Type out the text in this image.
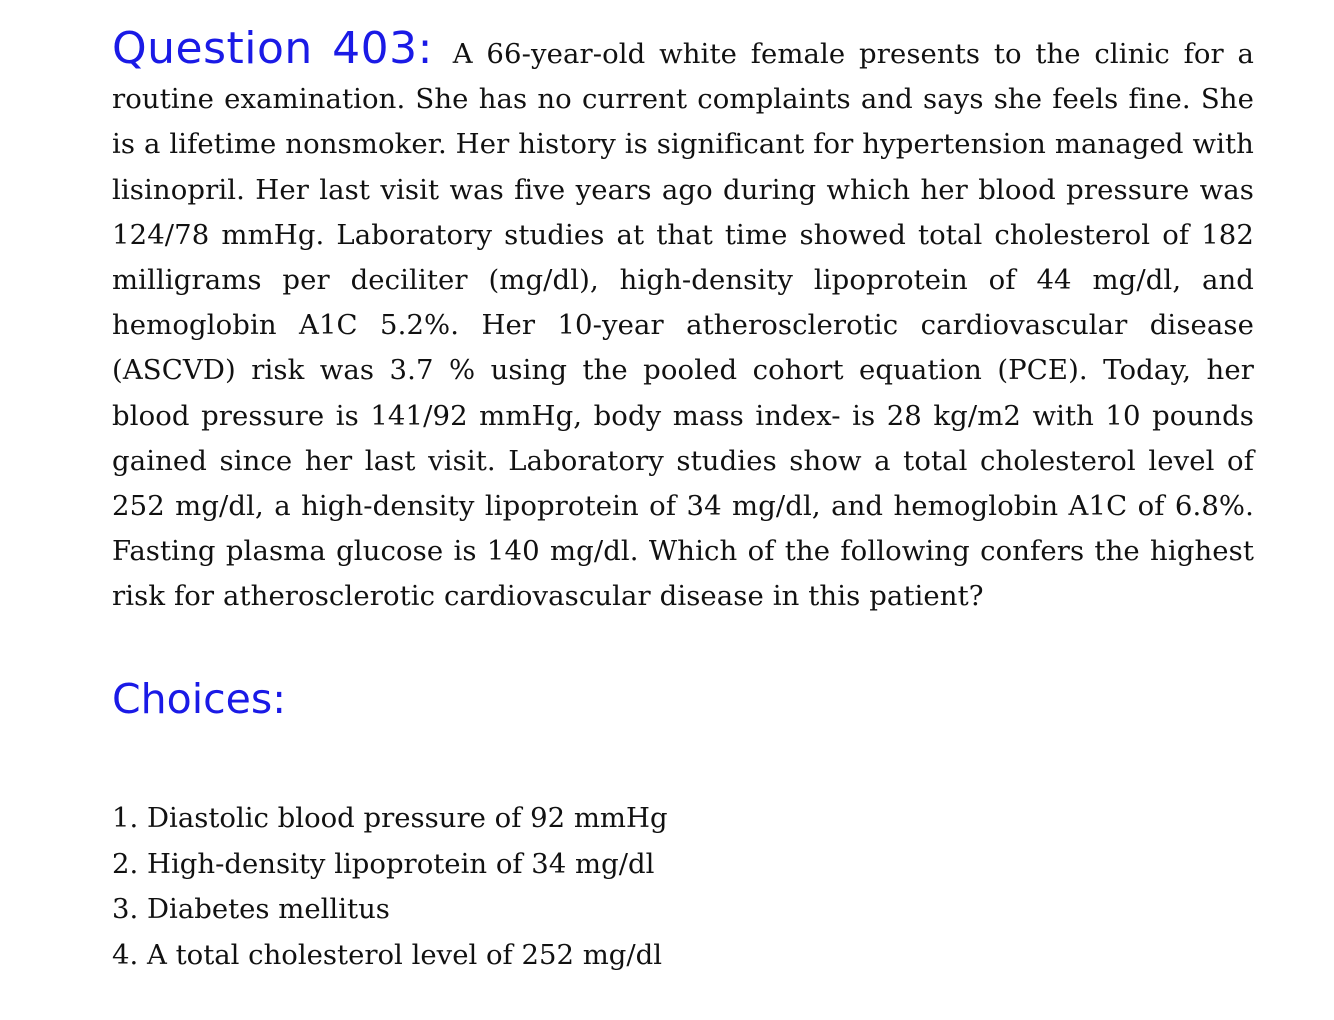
Question 403: A 66-year-old white female presents to the clinic for a routine examination. She has no current complaints and says she feels fine. She is a lifetime nonsmoker. Her history is significant for hypertension managed with lisinopril. Her last visit was five years ago during which her blood pressure was 124/78 mmHg. Laboratory studies at that time showed total cholesterol of 182 milligrams per deciliter (mg/dl), high-density lipoprotein of 44 mg/dl, and hemoglobin A1C 5.2%. Her 10-year atherosclerotic cardiovascular disease (ASCVD) risk was 3.7 % using the pooled cohort equation (PCE). Today, her blood pressure is 141/92 mmHg, body mass index- is 28 kg/m2 with 10 pounds gained since her last visit. Laboratory studies show a total cholesterol level of 252 mg/dl, a high-density lipoprotein of 34 mg/dl, and hemoglobin A1C of 6.8%. Fasting plasma glucose is 140 mg/dl. Which of the following confers the highest risk for atherosclerotic cardiovascular disease in this patient?

Choices:
1. Diastolic blood pressure of 92 mmHg
2. High-density lipoprotein of 34 mg/dl
3. Diabetes mellitus
4. A total cholesterol level of 252 mg/dl
